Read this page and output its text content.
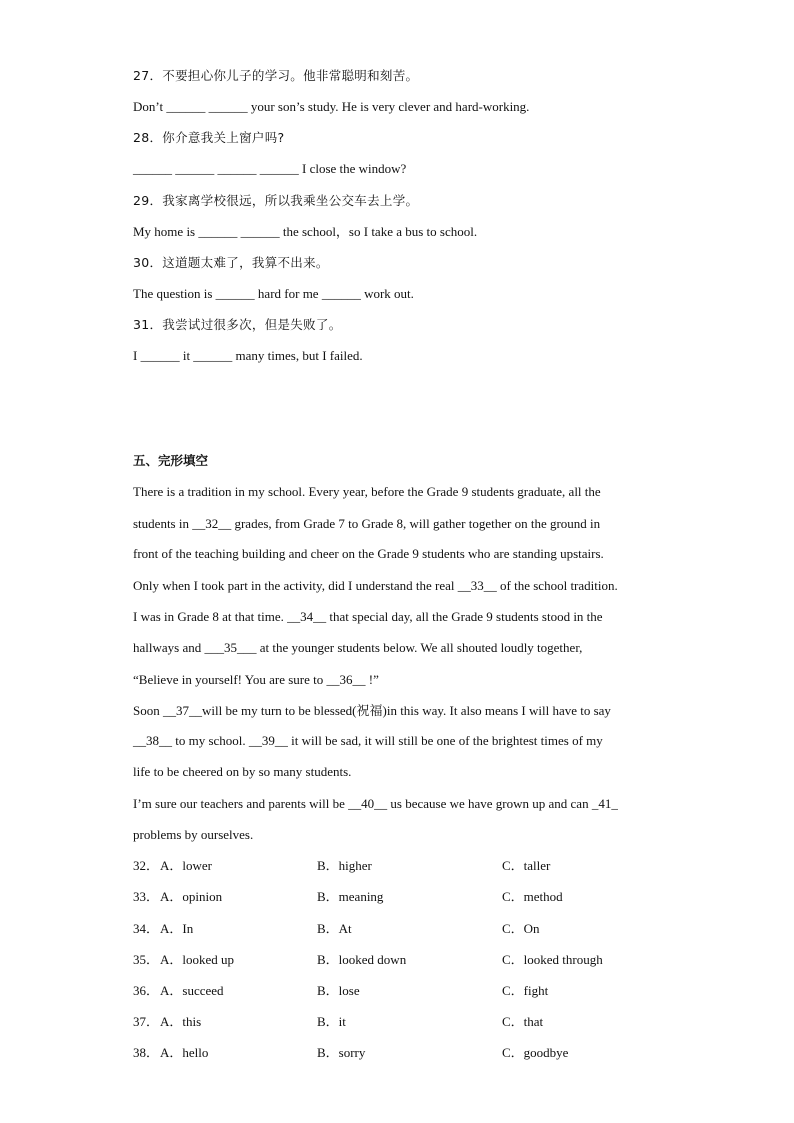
27．不要担心你儿子的学习。他非常聪明和刻苦。
Don’t ______ ______ your son’s study. He is very clever and hard-working.
28．你介意我关上窗户吗?
______ ______ ______ ______ I close the window?
29．我家离学校很远，所以我乘坐公交车去上学。
My home is ______ ______ the school，so I take a bus to school.
30．这道题太难了，我算不出来。
The question is ______ hard for me ______ work out.
31．我尝试过很多次，但是失败了。
I ______ it ______ many times, but I failed.
五、完形填空
There is a tradition in my school. Every year, before the Grade 9 students graduate, all the
students in __32__ grades, from Grade 7 to Grade 8, will gather together on the ground in
front of the teaching building and cheer on the Grade 9 students who are standing upstairs.
Only when I took part in the activity, did I understand the real __33__ of the school tradition.
I was in Grade 8 at that time. __34__ that special day, all the Grade 9 students stood in the
hallways and ___35___ at the younger students below. We all shouted loudly together,
“Believe in yourself! You are sure to __36__ !”
Soon __37__will be my turn to be blessed(祝福)in this way. It also means I will have to say
__38__ to my school. __39__ it will be sad, it will still be one of the brightest times of my
life to be cheered on by so many students.
I’m sure our teachers and parents will be __40__ us because we have grown up and can _41_
problems by ourselves.
32． A．lower	B．higher	C．taller
33． A．opinion	B．meaning	C．method
34． A．In	B．At	C．On
35． A．looked up	B．looked down	C．looked through
36． A．succeed	B．lose	C．fight
37． A．this	B．it	C．that
38． A．hello	B．sorry	C．goodbye
